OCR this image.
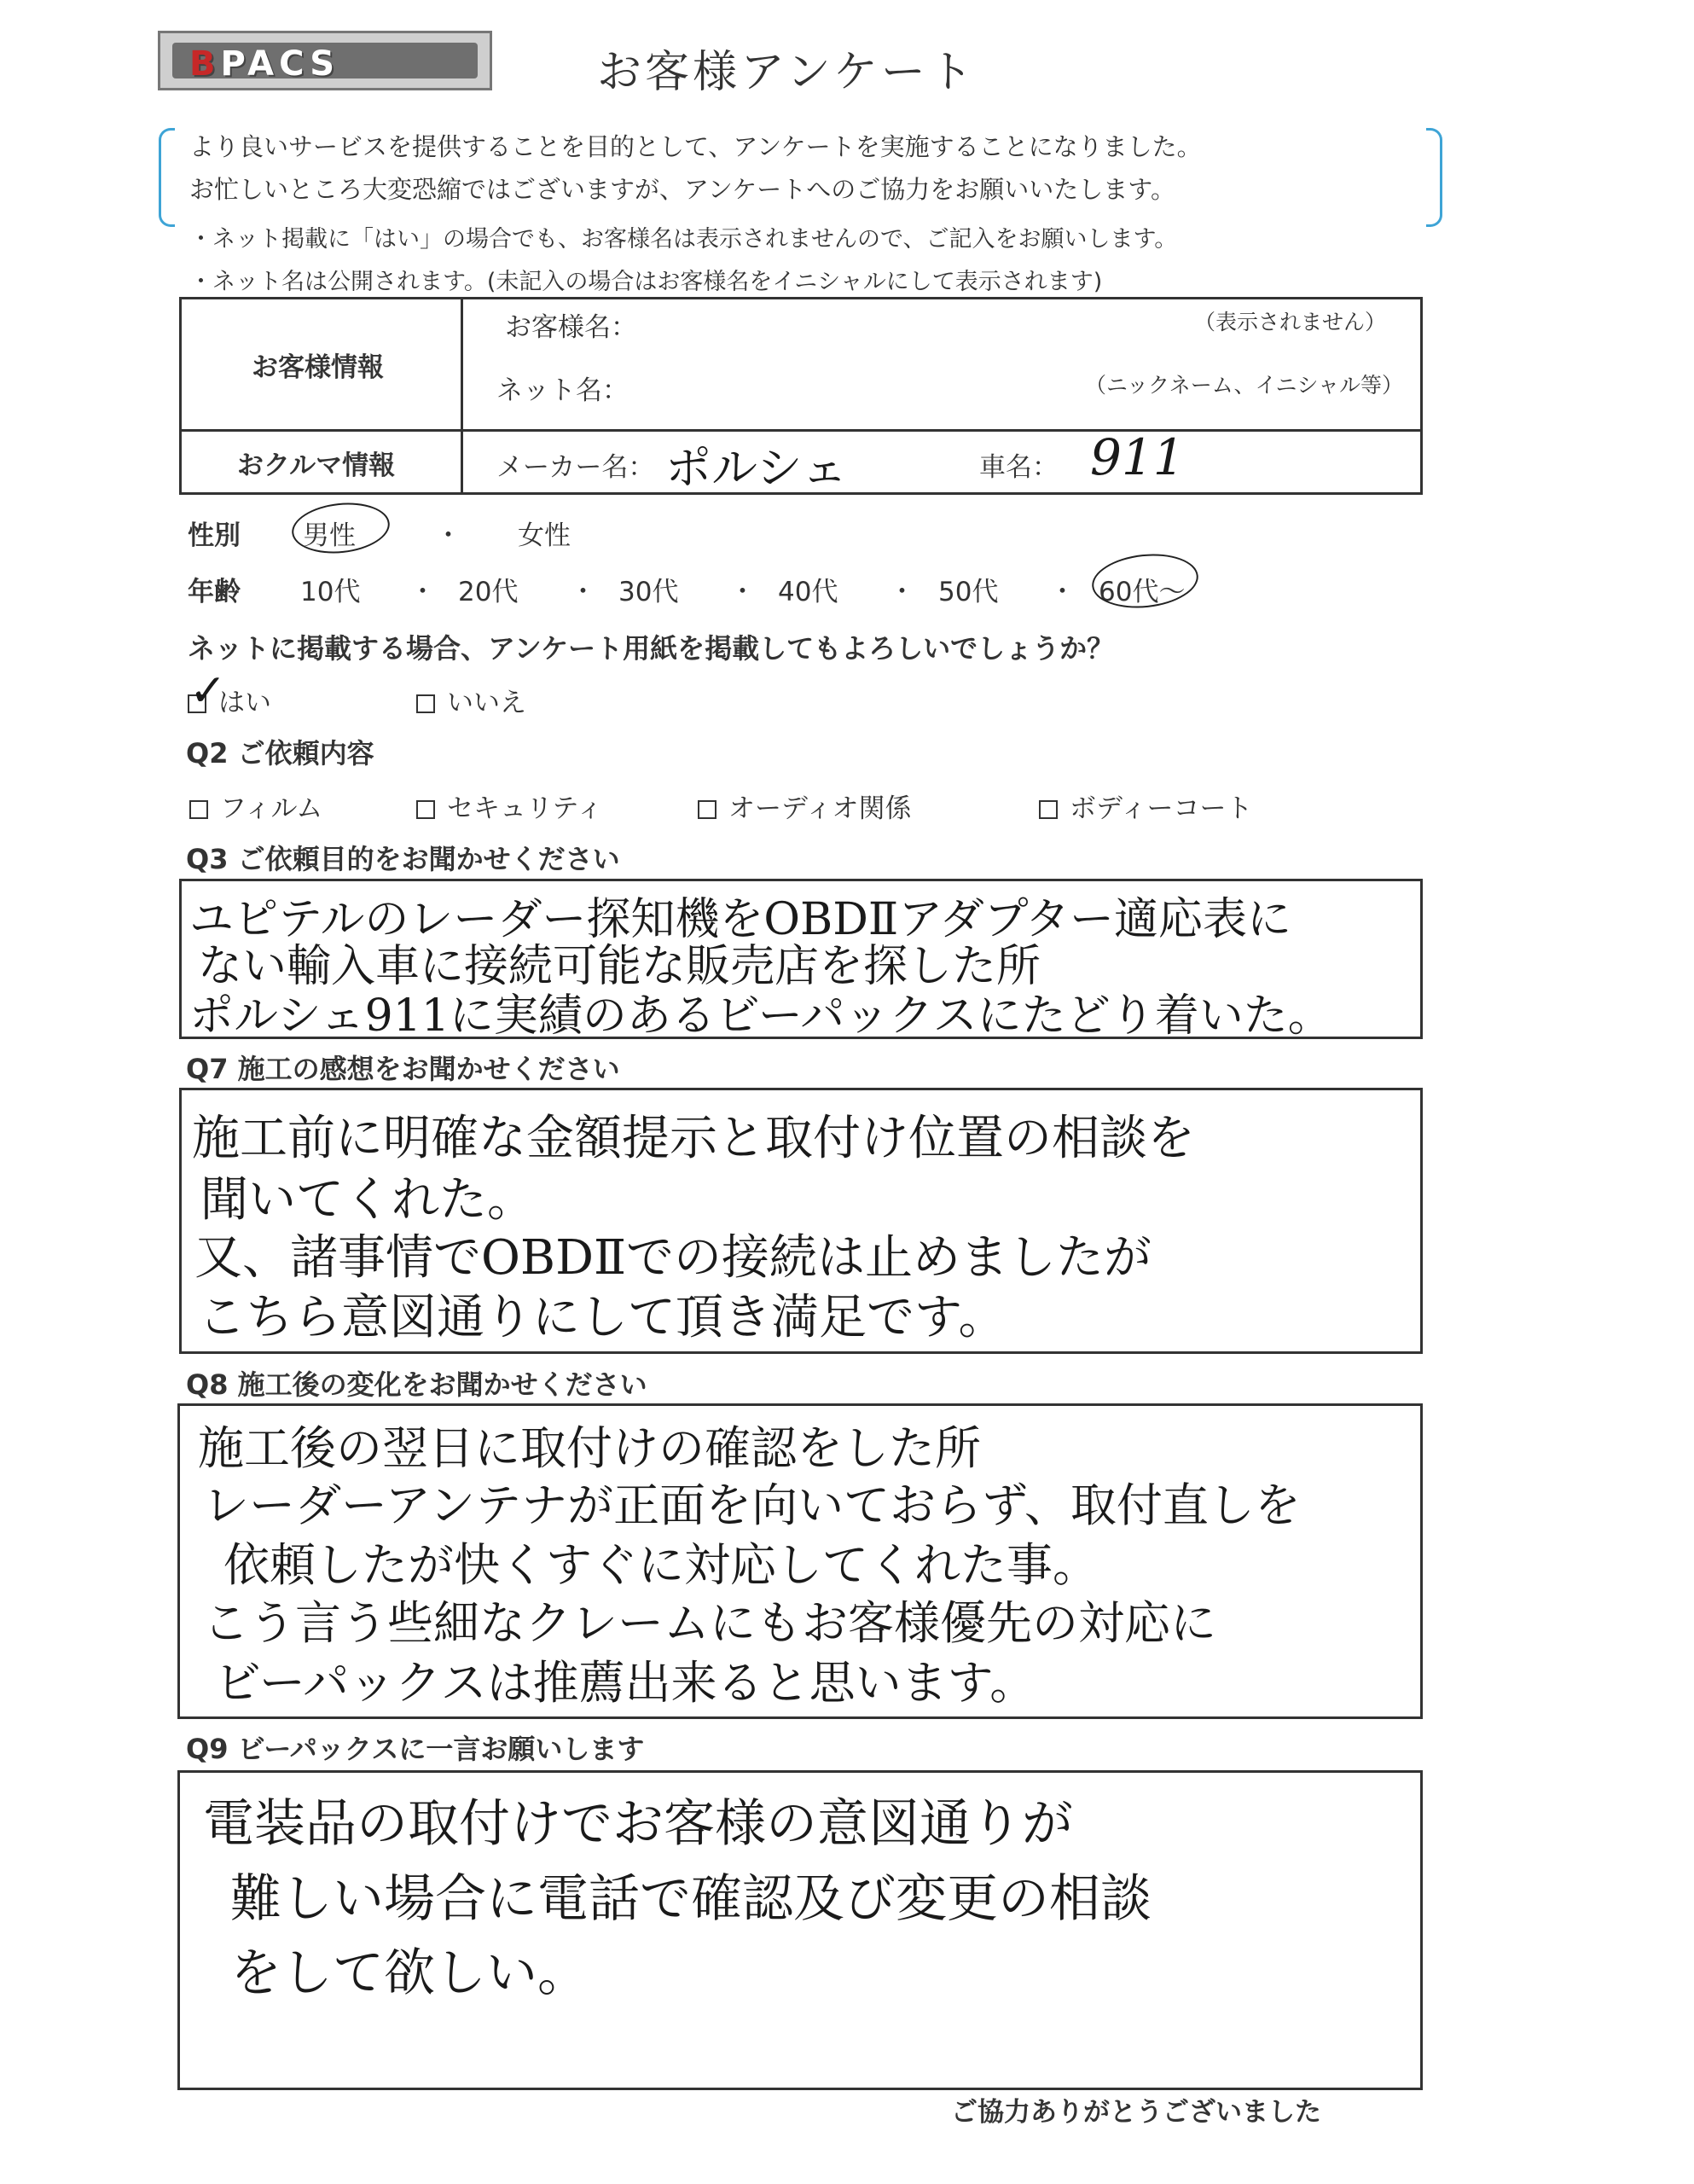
BPACS	お客様アンケート
より良いサービスを提供することを目的として、アンケートを実施することになりました。
お忙しいところ大変恐縮ではございますが、アンケートへのご協力をお願いいたします。
・ネット掲載に「はい」の場合でも、お客様名は表示されませんので、ご記入をお願いします。
・ネット名は公開されます。(未記入の場合はお客様名をイニシャルにして表示されます)
お客様情報
お客様名：	（表示されません）
ネット名：	（ニックネーム、イニシャル等）
おクルマ情報	メーカー名： ポルシェ	車名： 911
性別 男性	・ 女性
年齢 10代 ・ 20代 ・ 30代 ・ 40代 ・ 50代 ・ 60代～
ネットに掲載する場合、アンケート用紙を掲載してもよろしいでしょうか？
はい
✓	いいえ
Q2 ご依頼内容
フィルム	セキュリティ	オーディオ関係	ボディーコート
Q3 ご依頼目的をお聞かせください
ユピテルのレーダー探知機をOBDⅡアダプター適応表に
ない輸入車に接続可能な販売店を探した所
ポルシェ911に実績のあるビーパックスにたどり着いた。
Q7 施工の感想をお聞かせください
施工前に明確な金額提示と取付け位置の相談を
聞いてくれた。
又、諸事情でOBDⅡでの接続は止めましたが
こちら意図通りにして頂き満足です。
Q8 施工後の変化をお聞かせください
施工後の翌日に取付けの確認をした所
レーダーアンテナが正面を向いておらず、取付直しを
依頼したが快くすぐに対応してくれた事。
こう言う些細なクレームにもお客様優先の対応に
ビーパックスは推薦出来ると思います。
Q9 ビーパックスに一言お願いします
電装品の取付けでお客様の意図通りが
難しい場合に電話で確認及び変更の相談
をして欲しい。
ご協力ありがとうございました
